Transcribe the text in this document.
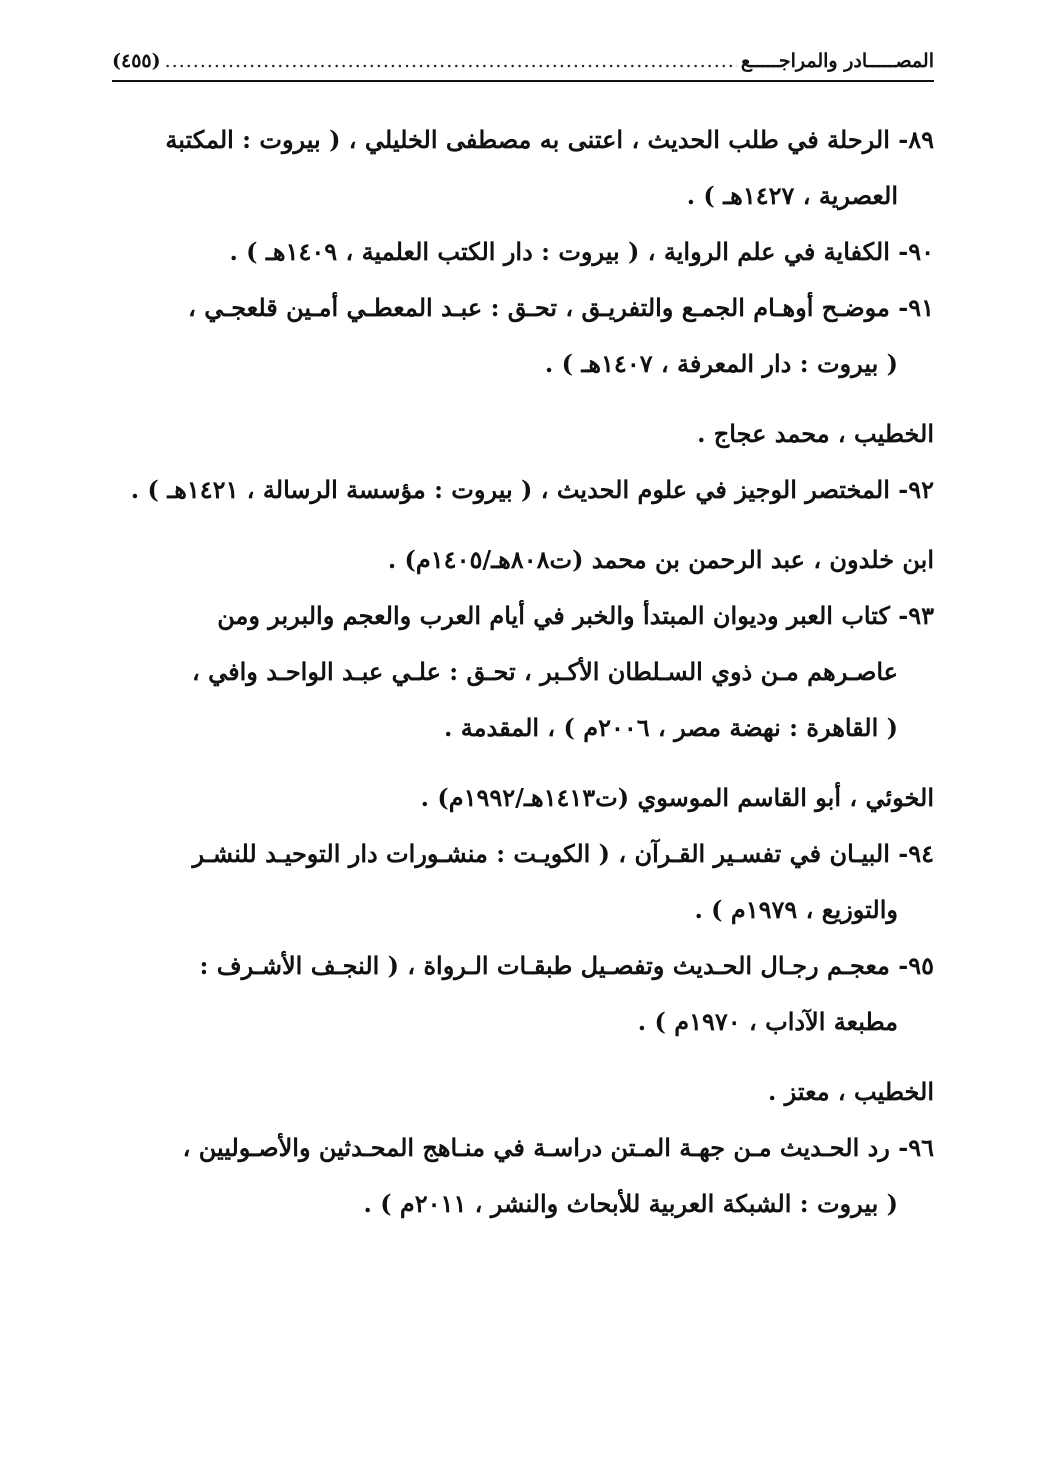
المصـــــادر والمراجـــــع
.....
(٤٥٥)
٨٩- الرحلة في طلب الحديث ، اعتنى به مصطفى الخليلي ، ( بيروت : المكتبة
العصرية ، ١٤٢٧هـ ) .
٩٠- الكفاية في علم الرواية ، ( بيروت : دار الكتب العلمية ، ١٤٠٩هـ ) .
٩١- موضـح أوهـام الجمـع والتفريـق ، تحـق : عبـد المعطـي أمـين قلعجـي ،
( بيروت : دار المعرفة ، ١٤٠٧هـ ) .
الخطيب ، محمد عجاج .
٩٢- المختصر الوجيز في علوم الحديث ، ( بيروت : مؤسسة الرسالة ، ١٤٢١هـ ) .
ابن خلدون ، عبد الرحمن بن محمد (ت٨٠٨هـ/١٤٠٥م) .
٩٣- كتاب العبر وديوان المبتدأ والخبر في أيام العرب والعجم والبربر ومن
عاصـرهم مـن ذوي السـلطان الأكـبر ، تحـق : علـي عبـد الواحـد وافي ،
( القاهرة : نهضة مصر ، ٢٠٠٦م ) ، المقدمة .
الخوئي ، أبو القاسم الموسوي (ت١٤١٣هـ/١٩٩٢م) .
٩٤- البيـان في تفسـير القـرآن ، ( الكويـت : منشـورات دار التوحيـد للنشـر
والتوزيع ، ١٩٧٩م ) .
٩٥- معجـم رجـال الحـديث وتفصـيل طبقـات الـرواة ، ( النجـف الأشـرف :
مطبعة الآداب ، ١٩٧٠م ) .
الخطيب ، معتز .
٩٦- رد الحـديث مـن جهـة المـتن دراسـة في منـاهج المحـدثين والأصـوليين ،
( بيروت : الشبكة العربية للأبحاث والنشر ، ٢٠١١م ) .
